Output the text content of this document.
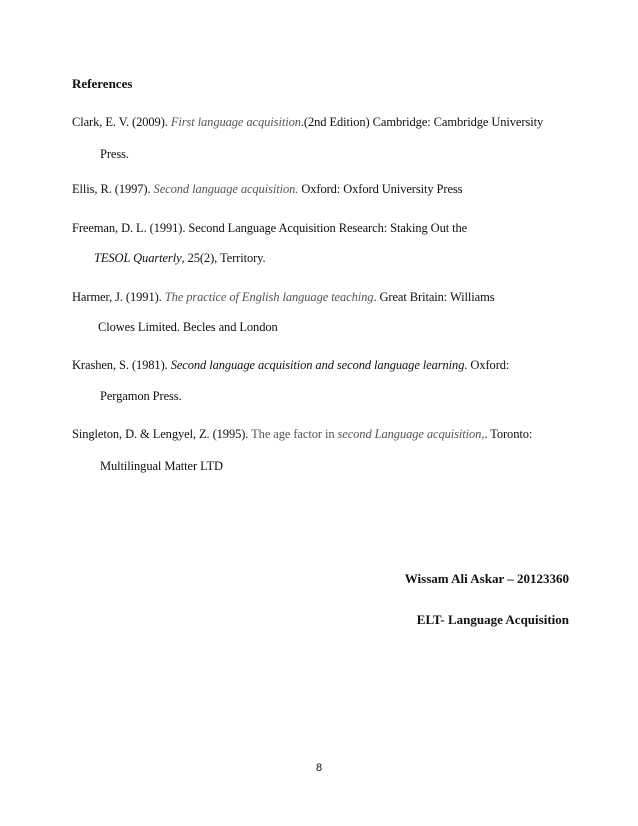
References
Clark, E. V. (2009). First language acquisition.(2nd Edition) Cambridge: Cambridge University
Press.
Ellis, R. (1997). Second language acquisition. Oxford: Oxford University Press
Freeman, D. L. (1991). Second Language Acquisition Research: Staking Out the
TESOL Quarterly, 25(2), Territory.
Harmer, J. (1991). The practice of English language teaching. Great Britain: Williams
Clowes Limited. Becles and London
Krashen, S. (1981). Second language acquisition and second language learning. Oxford:
Pergamon Press.
Singleton, D. & Lengyel, Z. (1995). The age factor in second Language acquisition,. Toronto:
Multilingual Matter LTD
Wissam Ali Askar – 20123360
ELT- Language Acquisition
8
